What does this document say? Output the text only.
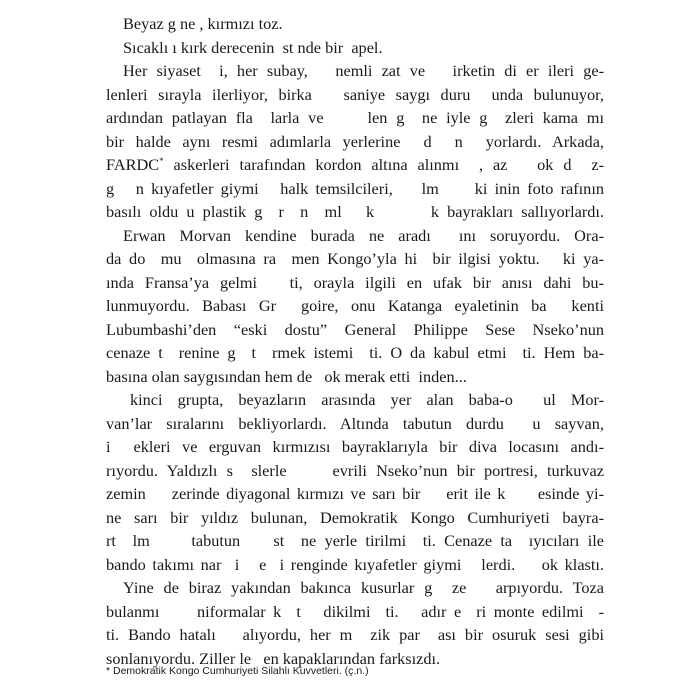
Beyaz g ne , kırmızı toz.
Sıcaklı ı kırk derecenin  st nde bir  apel.
Her siyaset  i, her subay,   nemli zat ve   irketin di er ileri ge-
lenleri sırayla ilerliyor, birka   saniye saygı duru  unda bulunuyor,
ardından patlayan fla  larla ve     len g  ne iyle g  zleri kama mı
bir halde aynı resmi adımlarla yerlerine  d  n  yorlardı. Arkada,
FARDC* askerleri tarafından kordon altına alınmı  , az   ok d  z-
g   n kıyafetler giymi   halk temsilcileri,    lm     ki inin foto rafının
basılı oldu u plastik g  r  n  ml   k       k bayrakları sallıyorlardı.
Erwan Morvan kendine burada ne aradı  ını soruyordu. Ora-
da do  mu  olmasına ra  men Kongo’yla hi  bir ilgisi yoktu.   ki ya-
ında Fransa’ya gelmi   ti, orayla ilgili en ufak bir anısı dahi bu-
lunmuyordu. Babası Gr  goire, onu Katanga eyaletinin ba  kenti
Lubumbashi’den “eski dostu” General Philippe Sese Nseko’nun
cenaze t  renine g  t  rmek istemi  ti. O da kabul etmi  ti. Hem ba-
basına olan saygısından hem de   ok merak etti  inden...
kinci grupta, beyazların arasında yer alan baba-o  ul Mor-
van’lar sıralarını bekliyorlardı. Altında tabutun durdu  u sayvan,
i  ekleri ve erguvan kırmızısı bayraklarıyla bir diva locasını andı-
rıyordu. Yaldızlı s  slerle     evrili Nseko’nun bir portresi, turkuvaz
zemin    zerinde diyagonal kırmızı ve sarı bir    erit ile k     esinde yi-
ne sarı bir yıldız bulunan, Demokratik Kongo Cumhuriyeti bayra-
rt  lm     tabutun    st  ne yerle tirilmi  ti. Cenaze ta  ıyıcıları ile
bando takımı nar  i   e  i renginde kıyafetler giymi   lerdi.    ok klastı.
Yine de biraz yakından bakınca kusurlar g  ze   arpıyordu. Toza
bulanmı     niformalar k  t   dikilmi  ti.   adır e  ri monte edilmi  -
ti. Bando hatalı   alıyordu, her m  zik par  ası bir osuruk sesi gibi
sonlanıyordu. Ziller le   en kapaklarından farksızdı.
* Demokratik Kongo Cumhuriyeti Silahlı Kuvvetleri. (ç.n.)
